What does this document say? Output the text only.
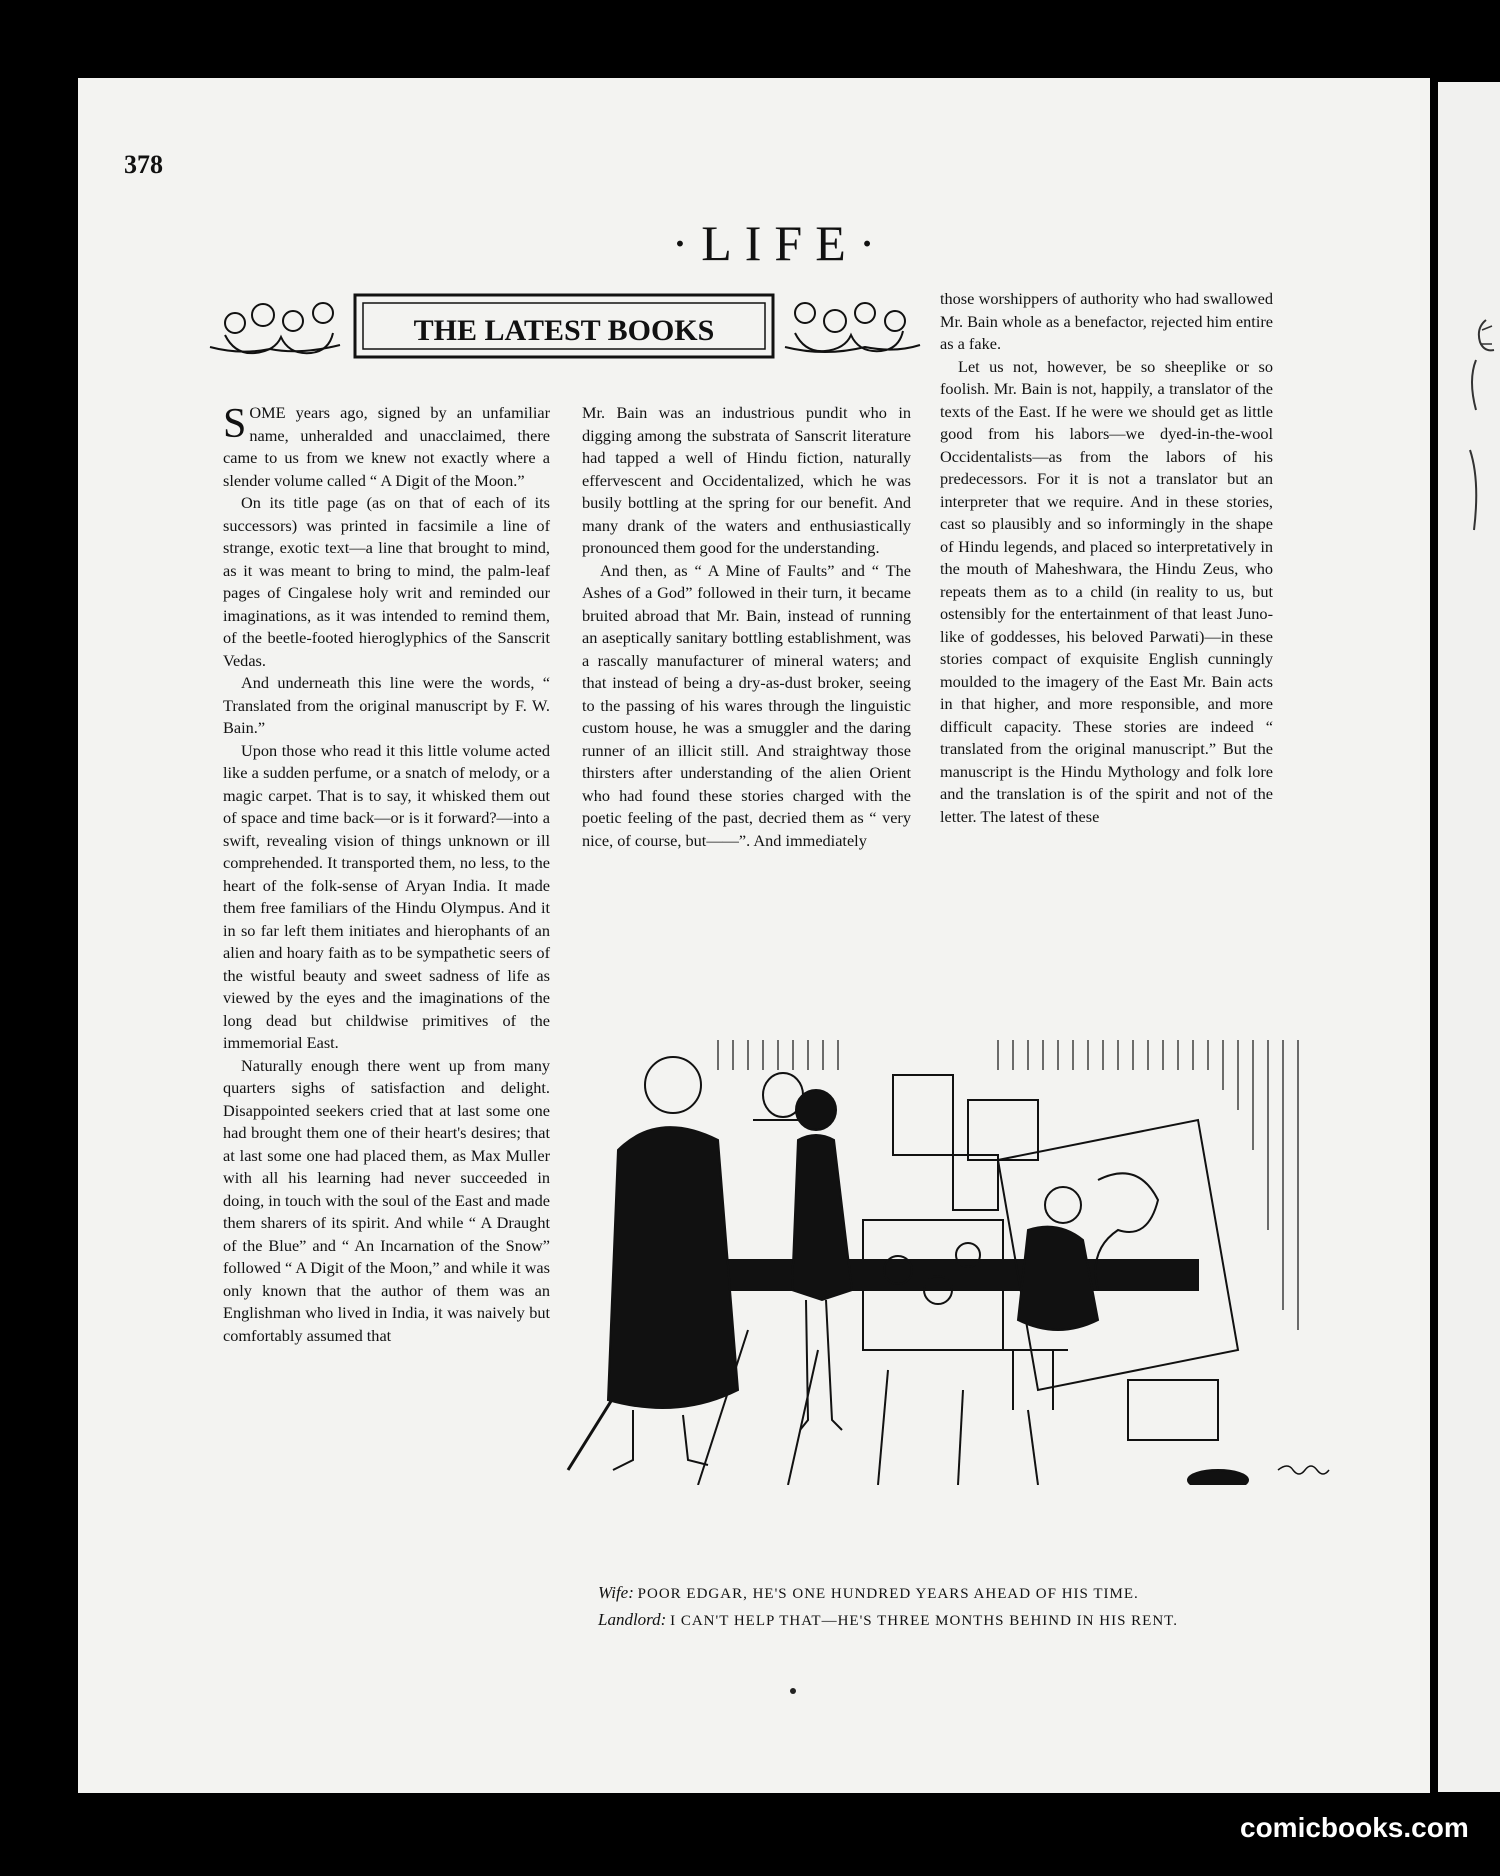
378
·LIFE·
THE LATEST BOOKS

SOME years ago, signed by an unfamiliar name, unheralded and unacclaimed, there came to us from we knew not exactly where a slender volume called “ A Digit of the Moon.”

On its title page (as on that of each of its successors) was printed in facsimile a line of strange, exotic text—a line that brought to mind, as it was meant to bring to mind, the palm-leaf pages of Cingalese holy writ and reminded our imaginations, as it was intended to remind them, of the beetle-footed hieroglyphics of the Sanscrit Vedas.

And underneath this line were the words, “ Translated from the original manuscript by F. W. Bain.”

Upon those who read it this little volume acted like a sudden perfume, or a snatch of melody, or a magic carpet. That is to say, it whisked them out of space and time back—or is it forward?—into a swift, revealing vision of things unknown or ill comprehended. It transported them, no less, to the heart of the folk-sense of Aryan India. It made them free familiars of the Hindu Olympus. And it in so far left them initiates and hierophants of an alien and hoary faith as to be sympathetic seers of the wistful beauty and sweet sadness of life as viewed by the eyes and the imaginations of the long dead but childwise primitives of the immemorial East.

Naturally enough there went up from many quarters sighs of satisfaction and delight. Disappointed seekers cried that at last some one had brought them one of their heart's desires; that at last some one had placed them, as Max Muller with all his learning had never succeeded in doing, in touch with the soul of the East and made them sharers of its spirit. And while “ A Draught of the Blue” and “ An Incarnation of the Snow” followed “ A Digit of the Moon,” and while it was only known that the author of them was an Englishman who lived in India, it was naively but comfortably assumed that

Mr. Bain was an industrious pundit who in digging among the substrata of Sanscrit literature had tapped a well of Hindu fiction, naturally effervescent and Occidentalized, which he was busily bottling at the spring for our benefit. And many drank of the waters and enthusiastically pronounced them good for the understanding.

And then, as “ A Mine of Faults” and “ The Ashes of a God” followed in their turn, it became bruited abroad that Mr. Bain, instead of running an aseptically sanitary bottling establishment, was a rascally manufacturer of mineral waters; and that instead of being a dry-as-dust broker, seeing to the passing of his wares through the linguistic custom house, he was a smuggler and the daring runner of an illicit still. And straightway those thirsters after understanding of the alien Orient who had found these stories charged with the poetic feeling of the past, decried them as “ very nice, of course, but——”. And immediately

those worshippers of authority who had swallowed Mr. Bain whole as a benefactor, rejected him entire as a fake.

Let us not, however, be so sheeplike or so foolish. Mr. Bain is not, happily, a translator of the texts of the East. If he were we should get as little good from his labors—we dyed-in-the-wool Occidentalists—as from the labors of his predecessors. For it is not a translator but an interpreter that we require. And in these stories, cast so plausibly and so informingly in the shape of Hindu legends, and placed so interpretatively in the mouth of Maheshwara, the Hindu Zeus, who repeats them as to a child (in reality to us, but ostensibly for the entertainment of that least Juno-like of goddesses, his beloved Parwati)—in these stories compact of exquisite English cunningly moulded to the imagery of the East Mr. Bain acts in that higher, and more responsible, and more difficult capacity. These stories are indeed “ translated from the original manuscript.” But the manuscript is the Hindu Mythology and folk lore and the translation is of the spirit and not of the letter. The latest of these

Wife: POOR EDGAR, HE'S ONE HUNDRED YEARS AHEAD OF HIS TIME.
Landlord: I CAN'T HELP THAT—HE'S THREE MONTHS BEHIND IN HIS RENT.
comicbooks.com
